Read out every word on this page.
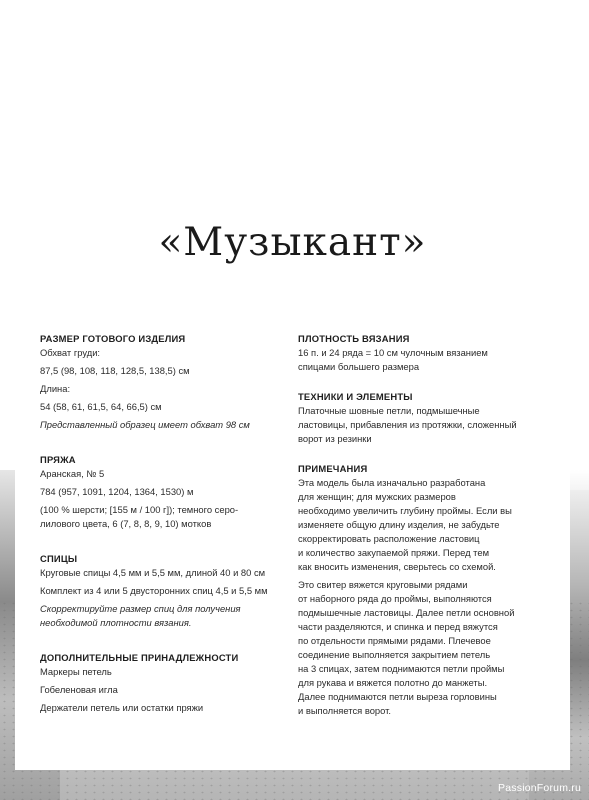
«Музыкант»
РАЗМЕР ГОТОВОГО ИЗДЕЛИЯ
Обхват груди:
87,5 (98, 108, 118, 128,5, 138,5) см
Длина:
54 (58, 61, 61,5, 64, 66,5) см
Представленный образец имеет обхват 98 см
ПРЯЖА
Аранская, № 5
784 (957, 1091, 1204, 1364, 1530) м
(100 % шерсти; [155 м / 100 г]); темного серо-
лилового цвета, 6 (7, 8, 8, 9, 10) мотков
СПИЦЫ
Круговые спицы 4,5 мм и 5,5 мм, длиной 40 и 80 см
Комплект из 4 или 5 двусторонних спиц 4,5 и 5,5 мм
Скорректируйте размер спиц для получения
необходимой плотности вязания.
ДОПОЛНИТЕЛЬНЫЕ ПРИНАДЛЕЖНОСТИ
Маркеры петель
Гобеленовая игла
Держатели петель или остатки пряжи
ПЛОТНОСТЬ ВЯЗАНИЯ
16 п. и 24 ряда = 10 см чулочным вязанием
спицами большего размера
ТЕХНИКИ И ЭЛЕМЕНТЫ
Платочные шовные петли, подмышечные
ластовицы, прибавления из протяжки, сложенный
ворот из резинки
ПРИМЕЧАНИЯ
Эта модель была изначально разработана
для женщин; для мужских размеров
необходимо увеличить глубину проймы. Если вы
изменяете общую длину изделия, не забудьте
скорректировать расположение ластовиц
и количество закупаемой пряжи. Перед тем
как вносить изменения, сверьтесь со схемой.
Это свитер вяжется круговыми рядами
от наборного ряда до проймы, выполняются
подмышечные ластовицы. Далее петли основной
части разделяются, и спинка и перед вяжутся
по отдельности прямыми рядами. Плечевое
соединение выполняется закрытием петель
на 3 спицах, затем поднимаются петли проймы
для рукава и вяжется полотно до манжеты.
Далее поднимаются петли выреза горловины
и выполняется ворот.
PassionForum.ru
